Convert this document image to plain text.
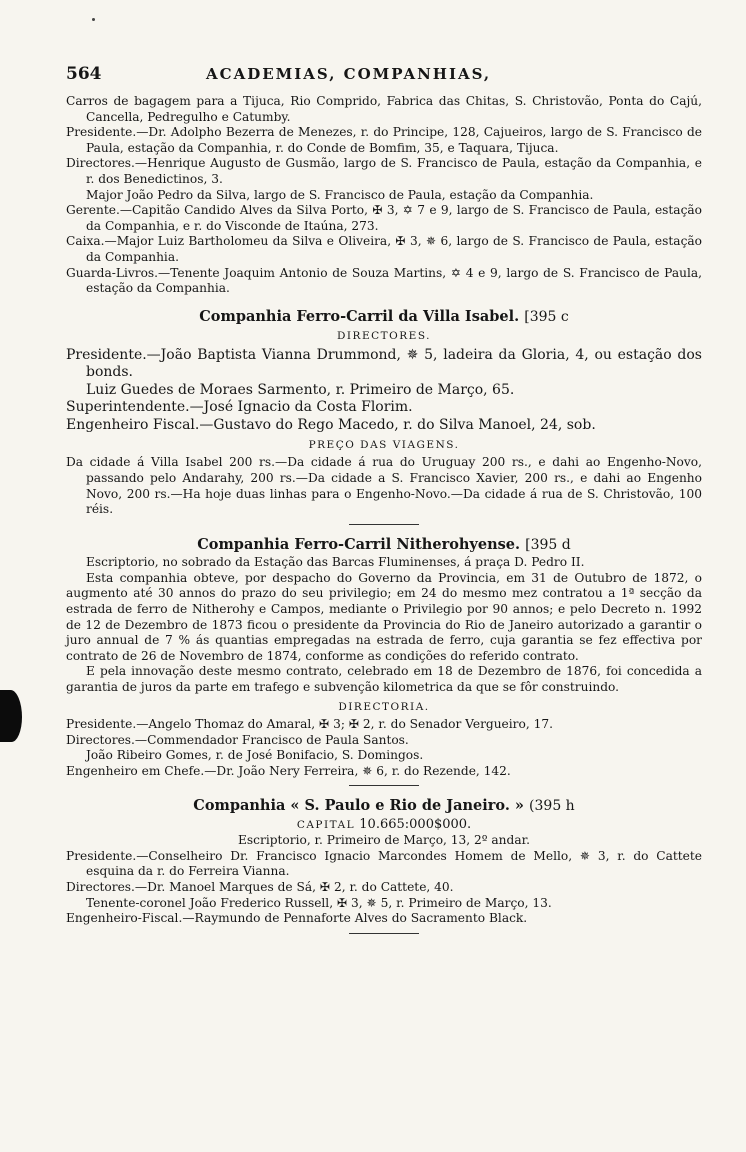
564	ACADEMIAS, COMPANHIAS,

Carros de bagagem para a Tijuca, Rio Comprido, Fabrica das Chitas, S. Christovão, Ponta do Cajú, Cancella, Pedregulho e Catumby.

Presidente.—Dr. Adolpho Bezerra de Menezes, r. do Principe, 128, Cajueiros, largo de S. Francisco de Paula, estação da Companhia, r. do Conde de Bomfim, 35, e Taquara, Tijuca.

Directores.—Henrique Augusto de Gusmão, largo de S. Francisco de Paula, estação da Companhia, e r. dos Benedictinos, 3.

Major João Pedro da Silva, largo de S. Francisco de Paula, estação da Companhia.

Gerente.—Capitão Candido Alves da Silva Porto, ✠ 3, ✡ 7 e 9, largo de S. Francisco de Paula, estação da Companhia, e r. do Visconde de Itaúna, 273.

Caixa.—Major Luiz Bartholomeu da Silva e Oliveira, ✠ 3, ✵ 6, largo de S. Francisco de Paula, estação da Companhia.

Guarda-Livros.—Tenente Joaquim Antonio de Souza Martins, ✡ 4 e 9, largo de S. Francisco de Paula, estação da Companhia.

Companhia Ferro-Carril da Villa Isabel. [395 c
DIRECTORES.

Presidente.—João Baptista Vianna Drummond, ✵ 5, ladeira da Gloria, 4, ou estação dos bonds.

Luiz Guedes de Moraes Sarmento, r. Primeiro de Março, 65.

Superintendente.—José Ignacio da Costa Florim.

Engenheiro Fiscal.—Gustavo do Rego Macedo, r. do Silva Manoel, 24, sob.

PREÇO DAS VIAGENS.

Da cidade á Villa Isabel 200 rs.—Da cidade á rua do Uruguay 200 rs., e dahi ao Engenho-Novo, passando pelo Andarahy, 200 rs.—Da cidade a S. Francisco Xavier, 200 rs., e dahi ao Engenho Novo, 200 rs.—Ha hoje duas linhas para o Engenho-Novo.—Da cidade á rua de S. Christovão, 100 réis.

Companhia Ferro-Carril Nitherohyense. [395 d

Escriptorio, no sobrado da Estação das Barcas Fluminenses, á praça D. Pedro II.

Esta companhia obteve, por despacho do Governo da Provincia, em 31 de Outubro de 1872, o augmento até 30 annos do prazo do seu privilegio; em 24 do mesmo mez contratou a 1ª secção da estrada de ferro de Nitherohy e Campos, mediante o Privilegio por 90 annos; e pelo Decreto n. 1992 de 12 de Dezembro de 1873 ficou o presidente da Provincia do Rio de Janeiro autorizado a garantir o juro annual de 7 % ás quantias empregadas na estrada de ferro, cuja garantia se fez effectiva por contrato de 26 de Novembro de 1874, conforme as condições do referido contrato.

E pela innovação deste mesmo contrato, celebrado em 18 de Dezembro de 1876, foi concedida a garantia de juros da parte em trafego e subvenção kilometrica da que se fôr construindo.

DIRECTORIA.

Presidente.—Angelo Thomaz do Amaral, ✠ 3; ✠ 2, r. do Senador Vergueiro, 17.

Directores.—Commendador Francisco de Paula Santos.

João Ribeiro Gomes, r. de José Bonifacio, S. Domingos.

Engenheiro em Chefe.—Dr. João Nery Ferreira, ✵ 6, r. do Rezende, 142.

Companhia « S. Paulo e Rio de Janeiro. » (395 h
CAPITAL 10.665:000$000.
Escriptorio, r. Primeiro de Março, 13, 2º andar.

Presidente.—Conselheiro Dr. Francisco Ignacio Marcondes Homem de Mello, ✵ 3, r. do Cattete esquina da r. do Ferreira Vianna.

Directores.—Dr. Manoel Marques de Sá, ✠ 2, r. do Cattete, 40.

Tenente-coronel João Frederico Russell, ✠ 3, ✵ 5, r. Primeiro de Março, 13.

Engenheiro-Fiscal.—Raymundo de Pennaforte Alves do Sacramento Black.
